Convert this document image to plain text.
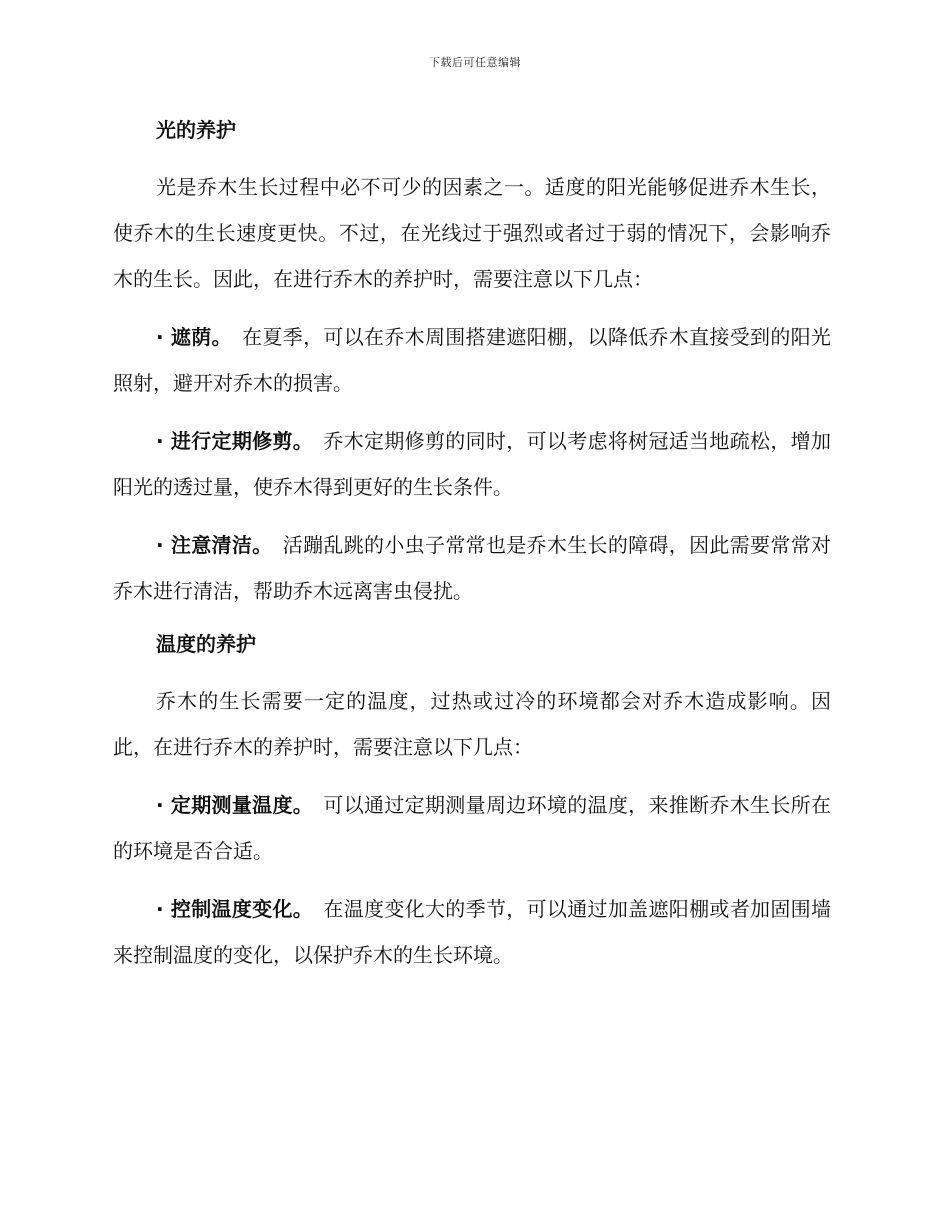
下载后可任意编辑
光的养护

光是乔木生长过程中必不可少的因素之一。适度的阳光能够促进乔木生长，使乔木的生长速度更快。不过，在光线过于强烈或者过于弱的情况下，会影响乔木的生长。因此，在进行乔木的养护时，需要注意以下几点：

· 遮荫。 在夏季，可以在乔木周围搭建遮阳棚，以降低乔木直接受到的阳光照射，避开对乔木的损害。

· 进行定期修剪。 乔木定期修剪的同时，可以考虑将树冠适当地疏松，增加阳光的透过量，使乔木得到更好的生长条件。

· 注意清洁。 活蹦乱跳的小虫子常常也是乔木生长的障碍，因此需要常常对乔木进行清洁，帮助乔木远离害虫侵扰。

温度的养护

乔木的生长需要一定的温度，过热或过冷的环境都会对乔木造成影响。因此，在进行乔木的养护时，需要注意以下几点：

· 定期测量温度。 可以通过定期测量周边环境的温度，来推断乔木生长所在的环境是否合适。

· 控制温度变化。 在温度变化大的季节，可以通过加盖遮阳棚或者加固围墙来控制温度的变化，以保护乔木的生长环境。
